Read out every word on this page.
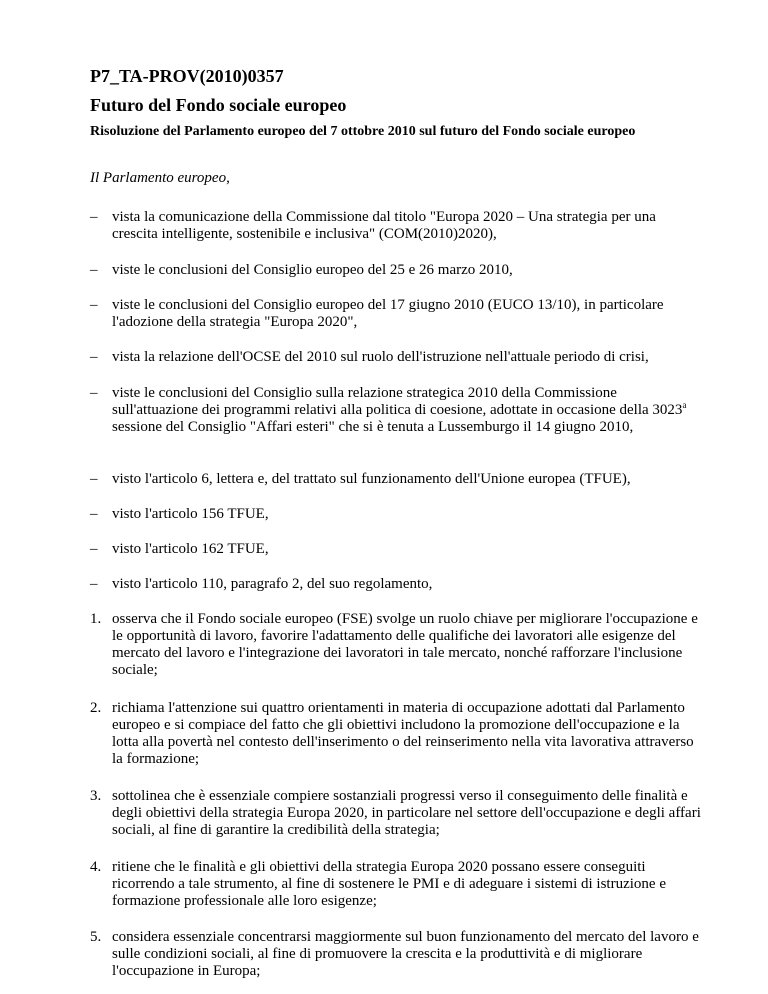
P7_TA-PROV(2010)0357
Futuro del Fondo sociale europeo
Risoluzione del Parlamento europeo del 7 ottobre 2010 sul futuro del Fondo sociale europeo

Il Parlamento europeo,

– vista la comunicazione della Commissione dal titolo "Europa 2020 – Una strategia per una crescita intelligente, sostenibile e inclusiva" (COM(2010)2020),
– viste le conclusioni del Consiglio europeo del 25 e 26 marzo 2010,
– viste le conclusioni del Consiglio europeo del 17 giugno 2010 (EUCO 13/10), in particolare l'adozione della strategia "Europa 2020",
– vista la relazione dell'OCSE del 2010 sul ruolo dell'istruzione nell'attuale periodo di crisi,
– viste le conclusioni del Consiglio sulla relazione strategica 2010 della Commissione sull'attuazione dei programmi relativi alla politica di coesione, adottate in occasione della 3023$^a$ sessione del Consiglio "Affari esteri" che si è tenuta a Lussemburgo il 14 giugno 2010,
– visto l'articolo 6, lettera e, del trattato sul funzionamento dell'Unione europea (TFUE),
– visto l'articolo 156 TFUE,
– visto l'articolo 162 TFUE,
– visto l'articolo 110, paragrafo 2, del suo regolamento,
1. osserva che il Fondo sociale europeo (FSE) svolge un ruolo chiave per migliorare l'occupazione e le opportunità di lavoro, favorire l'adattamento delle qualifiche dei lavoratori alle esigenze del mercato del lavoro e l'integrazione dei lavoratori in tale mercato, nonché rafforzare l'inclusione sociale;
2. richiama l'attenzione sui quattro orientamenti in materia di occupazione adottati dal Parlamento europeo e si compiace del fatto che gli obiettivi includono la promozione dell'occupazione e la lotta alla povertà nel contesto dell'inserimento o del reinserimento nella vita lavorativa attraverso la formazione;
3. sottolinea che è essenziale compiere sostanziali progressi verso il conseguimento delle finalità e degli obiettivi della strategia Europa 2020, in particolare nel settore dell'occupazione e degli affari sociali, al fine di garantire la credibilità della strategia;
4. ritiene che le finalità e gli obiettivi della strategia Europa 2020 possano essere conseguiti ricorrendo a tale strumento, al fine di sostenere le PMI e di adeguare i sistemi di istruzione e formazione professionale alle loro esigenze;
5. considera essenziale concentrarsi maggiormente sul buon funzionamento del mercato del lavoro e sulle condizioni sociali, al fine di promuovere la crescita e la produttività e di migliorare l'occupazione in Europa;
